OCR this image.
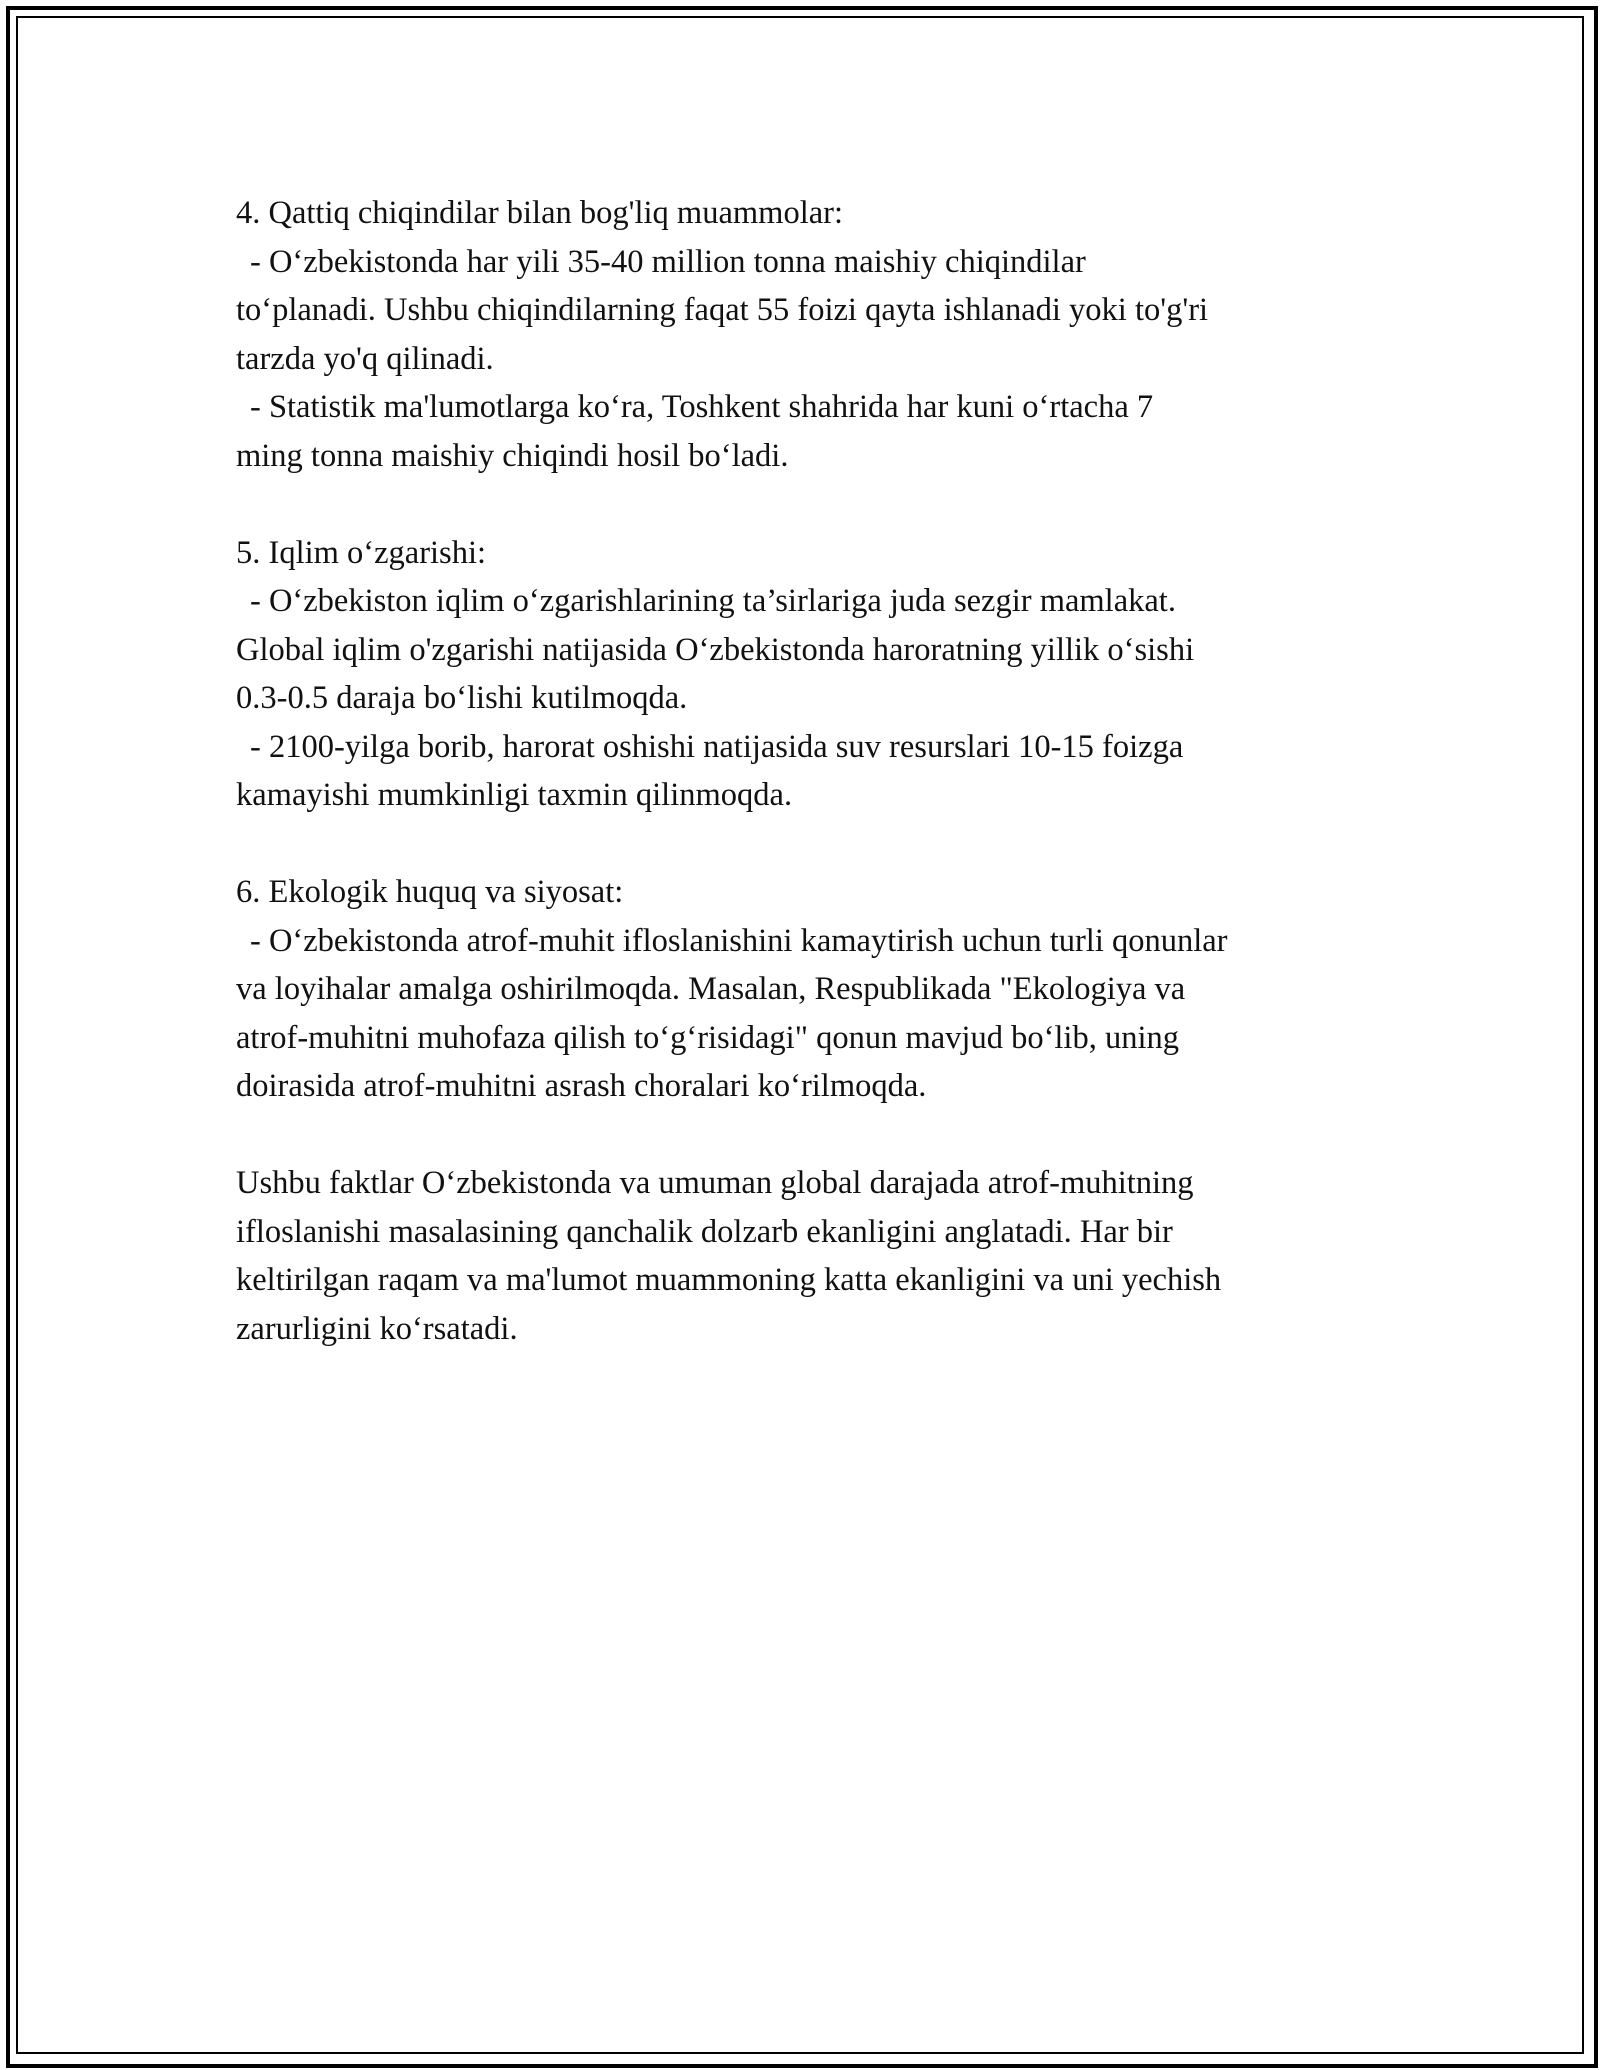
4. Qattiq chiqindilar bilan bog'liq muammolar:
- O‘zbekistonda har yili 35-40 million tonna maishiy chiqindilar
to‘planadi. Ushbu chiqindilarning faqat 55 foizi qayta ishlanadi yoki to'g'ri
tarzda yo'q qilinadi.
- Statistik ma'lumotlarga ko‘ra, Toshkent shahrida har kuni o‘rtacha 7
ming tonna maishiy chiqindi hosil bo‘ladi.
5. Iqlim o‘zgarishi:
- O‘zbekiston iqlim o‘zgarishlarining ta’sirlariga juda sezgir mamlakat.
Global iqlim o'zgarishi natijasida O‘zbekistonda haroratning yillik o‘sishi
0.3-0.5 daraja bo‘lishi kutilmoqda.
- 2100-yilga borib, harorat oshishi natijasida suv resurslari 10-15 foizga
kamayishi mumkinligi taxmin qilinmoqda.
6. Ekologik huquq va siyosat:
- O‘zbekistonda atrof-muhit ifloslanishini kamaytirish uchun turli qonunlar
va loyihalar amalga oshirilmoqda. Masalan, Respublikada "Ekologiya va
atrof-muhitni muhofaza qilish to‘g‘risidagi" qonun mavjud bo‘lib, uning
doirasida atrof-muhitni asrash choralari ko‘rilmoqda.
Ushbu faktlar O‘zbekistonda va umuman global darajada atrof-muhitning
ifloslanishi masalasining qanchalik dolzarb ekanligini anglatadi. Har bir
keltirilgan raqam va ma'lumot muammoning katta ekanligini va uni yechish
zarurligini ko‘rsatadi.
